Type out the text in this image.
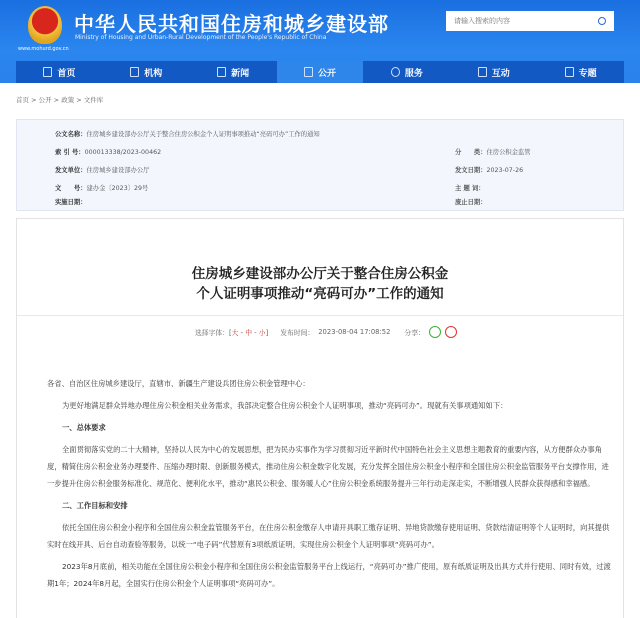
www.mohurd.gov.cn
中华人民共和国住房和城乡建设部
Ministry of Housing and Urban-Rural Development of the People's Republic of China
请输入搜索的内容
首页	机构	新闻	公开	服务	互动	专题
首页 > 公开 > 政策 > 文件库
公文名称：住房城乡建设部办公厅关于整合住房公积金个人证明事项推动“亮码可办”工作的通知
索 引 号：000013338/2023-00462	分　　类：住房公积金监管
发文单位：住房城乡建设部办公厅	发文日期：2023-07-26
文　　号：建办金〔2023〕29号	主 题 词：
实施日期：	废止日期：
住房城乡建设部办公厅关于整合住房公积金
个人证明事项推动“亮码可办”工作的通知
选择字体：[大 - 中 - 小] 发布时间： 2023-08-04 17:08:52 分享：

各省、自治区住房城乡建设厅，直辖市、新疆生产建设兵团住房公积金管理中心：

为更好地满足群众异地办理住房公积金相关业务需求，我部决定整合住房公积金个人证明事项，推动“亮码可办”。现就有关事项通知如下：

一、总体要求

全面贯彻落实党的二十大精神，坚持以人民为中心的发展思想，把为民办实事作为学习贯彻习近平新时代中国特色社会主义思想主题教育的重要内容，从方便群众办事角度，精简住房公积金业务办理要件、压缩办理时限、创新服务模式，推动住房公积金数字化发展，充分发挥全国住房公积金小程序和全国住房公积金监管服务平台支撑作用，进一步提升住房公积金服务标准化、规范化、便利化水平，推动“惠民公积金、服务暖人心”住房公积金系统服务提升三年行动走深走实，不断增强人民群众获得感和幸福感。

二、工作目标和安排

依托全国住房公积金小程序和全国住房公积金监管服务平台，在住房公积金缴存人申请开具职工缴存证明、异地贷款缴存使用证明、贷款结清证明等个人证明时，向其提供实时在线开具、后台自动查验等服务，以统一“电子码”代替原有3项纸质证明，实现住房公积金个人证明事项“亮码可办”。

2023年8月底前，相关功能在全国住房公积金小程序和全国住房公积金监管服务平台上线运行，“亮码可办”推广使用，原有纸质证明及出具方式并行使用、同时有效，过渡期1年；2024年8月起，全国实行住房公积金个人证明事项“亮码可办”。
